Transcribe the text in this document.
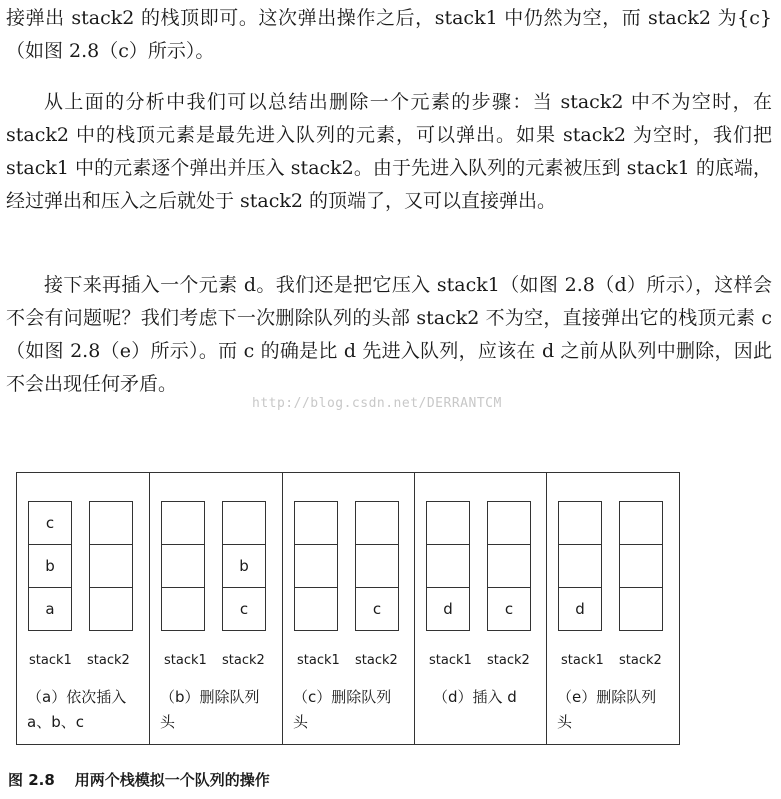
接弹出 stack2 的栈顶即可。这次弹出操作之后，stack1 中仍然为空，而 stack2 为{c}（如图 2.8（c）所示）。

从上面的分析中我们可以总结出删除一个元素的步骤：当 stack2 中不为空时，在 stack2 中的栈顶元素是最先进入队列的元素，可以弹出。如果 stack2 为空时，我们把 stack1 中的元素逐个弹出并压入 stack2。由于先进入队列的元素被压到 stack1 的底端，经过弹出和压入之后就处于 stack2 的顶端了，又可以直接弹出。

接下来再插入一个元素 d。我们还是把它压入 stack1（如图 2.8（d）所示），这样会不会有问题呢？我们考虑下一次删除队列的头部 stack2 不为空，直接弹出它的栈顶元素 c（如图 2.8（e）所示）。而 c 的确是比 d 先进入队列，应该在 d 之前从队列中删除，因此不会出现任何矛盾。

http://blog.csdn.net/DERRANTCM
c
b
a
stack1 stack2
（a）依次插入 a、b、c
b
c
stack1 stack2
（b）删除队列头
c
stack1 stack2
（c）删除队列头
d	c
stack1 stack2
（d）插入 d
d
stack1 stack2
（e）删除队列头
图 2.8 用两个栈模拟一个队列的操作
